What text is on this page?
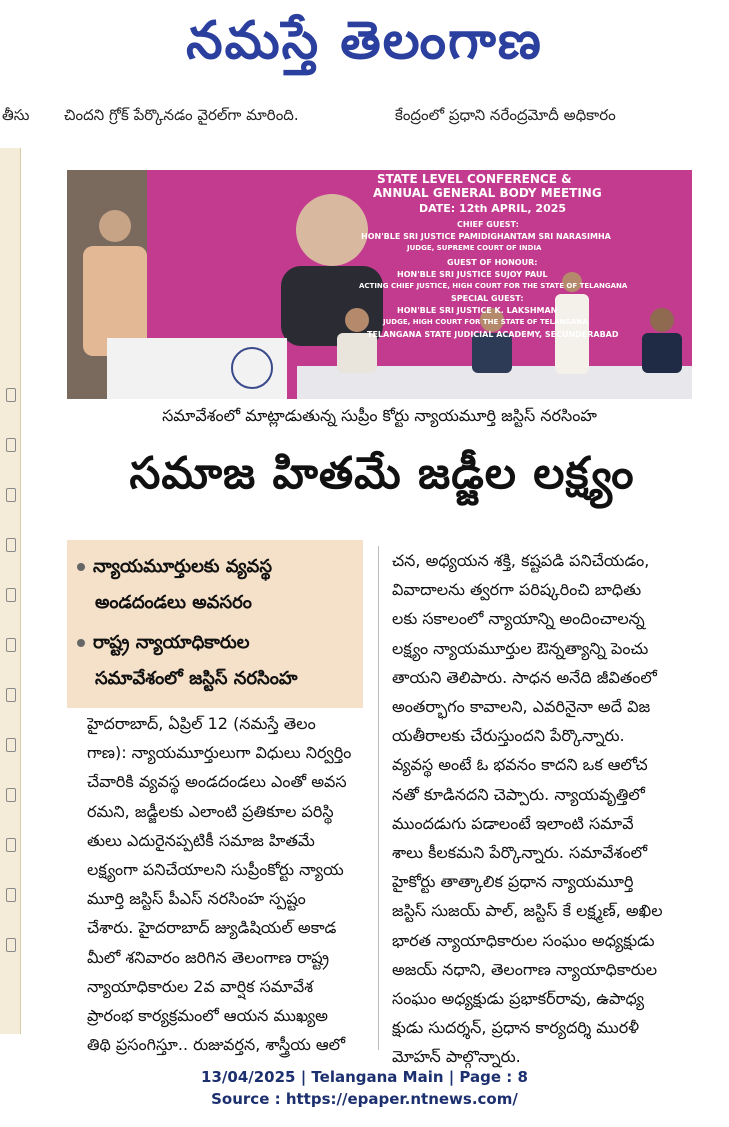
నమస్తే తెలంగాణ
తీసు చిందని గ్రోక్ పేర్కొనడం వైరల్‌గా మారింది.	కేంద్రంలో ప్రధాని నరేంద్రమోదీ అధికారం
STATE LEVEL CONFERENCE &
ANNUAL GENERAL BODY MEETING
DATE: 12th APRIL, 2025
CHIEF GUEST:
HON'BLE SRI JUSTICE PAMIDIGHANTAM SRI NARASIMHA
JUDGE, SUPREME COURT OF INDIA
GUEST OF HONOUR:
HON'BLE SRI JUSTICE SUJOY PAUL
ACTING CHIEF JUSTICE, HIGH COURT FOR THE STATE OF TELANGANA
SPECIAL GUEST:
HON'BLE SRI JUSTICE K. LAKSHMAN
JUDGE, HIGH COURT FOR THE STATE OF TELANGANA
TELANGANA STATE JUDICIAL ACADEMY, SECUNDERABAD
సమావేశంలో మాట్లాడుతున్న సుప్రీం కోర్టు న్యాయమూర్తి జస్టిస్ నరసింహ
సమాజ హితమే జడ్జీల లక్ష్యం
న్యాయమూర్తులకు వ్యవస్థ
అండదండలు అవసరం
రాష్ట్ర న్యాయాధికారుల
సమావేశంలో జస్టిస్ నరసింహ
హైదరాబాద్, ఏప్రిల్ 12 (నమస్తే తెలం
గాణ): న్యాయమూర్తులుగా విధులు నిర్వర్తిం
చేవారికి వ్యవస్థ అండదండలు ఎంతో అవస
రమని, జడ్జీలకు ఎలాంటి ప్రతికూల పరిస్థి
తులు ఎదురైనప్పటికీ సమాజ హితమే
లక్ష్యంగా పనిచేయాలని సుప్రీంకోర్టు న్యాయ
మూర్తి జస్టిస్ పీఎస్ నరసింహ స్పష్టం
చేశారు. హైదరాబాద్ జ్యుడిషియల్ అకాడ
మీలో శనివారం జరిగిన తెలంగాణ రాష్ట్ర
న్యాయాధికారుల 2వ వార్షిక సమావేశ
ప్రారంభ కార్యక్రమంలో ఆయన ముఖ్యఅ
తిథి ప్రసంగిస్తూ.. రుజువర్తన, శాస్త్రీయ ఆలో
చన, అధ్యయన శక్తి, కష్టపడి పనిచేయడం,
వివాదాలను త్వరగా పరిష్కరించి బాధితు
లకు సకాలంలో న్యాయాన్ని అందించాలన్న
లక్ష్యం న్యాయమూర్తుల ఔన్నత్యాన్ని పెంచు
తాయని తెలిపారు. సాధన అనేది జీవితంలో
అంతర్భాగం కావాలని, ఎవరినైనా అదే విజ
యతీరాలకు చేరుస్తుందని పేర్కొన్నారు.
వ్యవస్థ అంటే ఓ భవనం కాదని ఒక ఆలోచ
నతో కూడినదని చెప్పారు. న్యాయవృత్తిలో
ముందడుగు పడాలంటే ఇలాంటి సమావే
శాలు కీలకమని పేర్కొన్నారు. సమావేశంలో
హైకోర్టు తాత్కాలిక ప్రధాన న్యాయమూర్తి
జస్టిస్ సుజయ్ పాల్, జస్టిస్ కే లక్ష్మణ్, అఖిల
భారత న్యాయాధికారుల సంఘం అధ్యక్షుడు
అజయ్ నధాని, తెలంగాణ న్యాయాధికారుల
సంఘం అధ్యక్షుడు ప్రభాకర్‌రావు, ఉపాధ్య
క్షుడు సుదర్శన్, ప్రధాన కార్యదర్శి మురళీ
మోహన్ పాల్గొన్నారు.
13/04/2025 | Telangana Main | Page : 8
Source : https://epaper.ntnews.com/
